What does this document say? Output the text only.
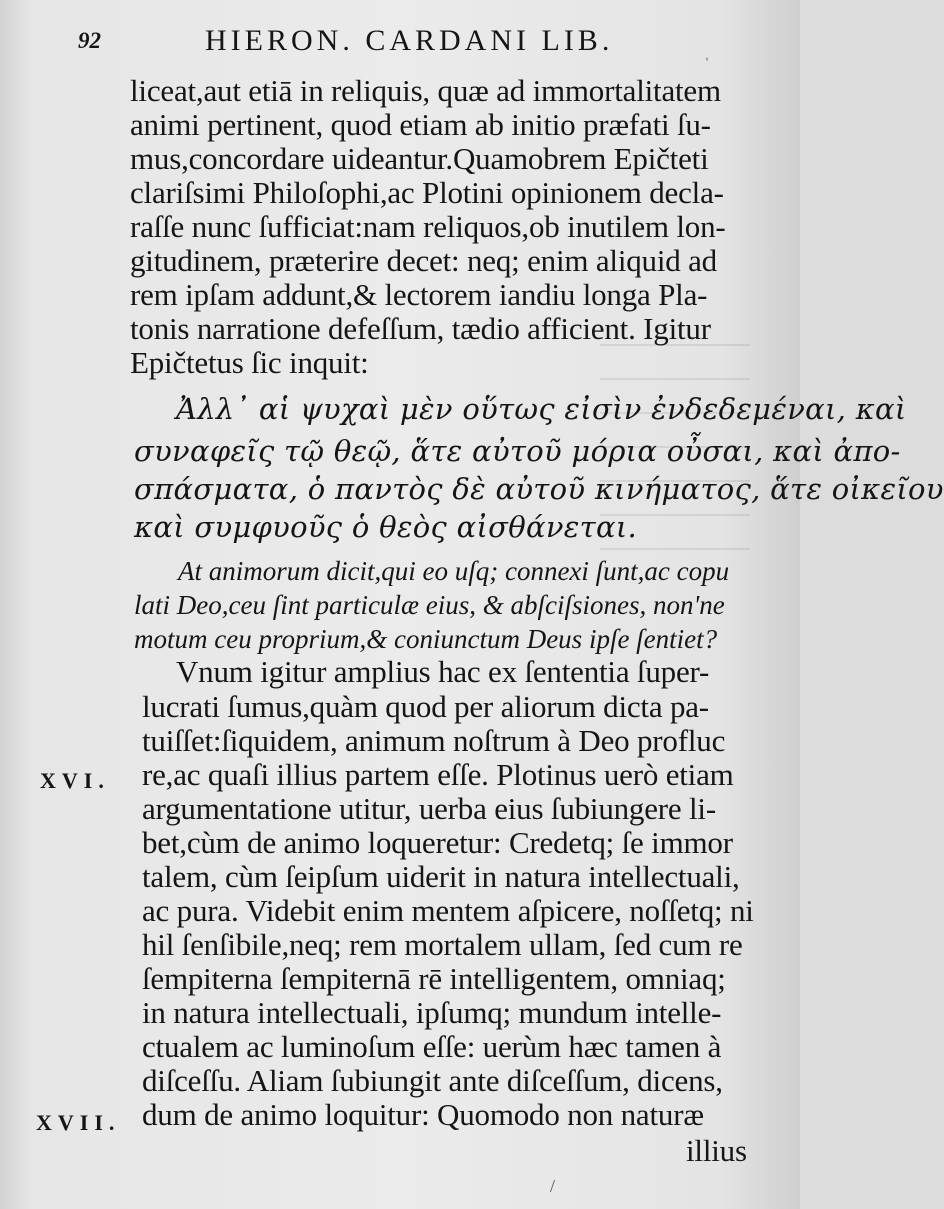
92	HIERON. CARDANI LIB.
ˈ
liceat,aut etiā in reliquis, quæ ad immortalitatem
animi pertinent, quod etiam ab initio præfati ſu-
mus,concordare uideantur.Quamobrem Epičteti
clariſsimi Philoſophi,ac Plotini opinionem decla-
raſſe nunc ſufficiat:nam reliquos,ob inutilem lon-
gitudinem, præterire decet: neq; enim aliquid ad
rem ipſam addunt,& lectorem iandiu longa Pla-
tonis narratione defeſſum, tædio afficient. Igitur
Epičtetus ſic inquit:
Ἀλλ᾽ αἱ ψυχαὶ μὲν οὕτως εἰσὶν ἐνδεδεμέναι, καὶ
συναφεῖς τῷ θεῷ, ἅτε αὐτοῦ μόρια οὖσαι, καὶ ἀπο-
σπάσματα, ὁ παντὸς δὲ αὐτοῦ κινήματος, ἅτε οἰκεῖου
καὶ συμφυοῦς ὁ θεὸς αἰσθάνεται.
At animorum dicit,qui eo uſq; connexi ſunt,ac copu
lati Deo,ceu ſint particulæ eius, & abſciſsiones, non'ne
motum ceu proprium,& coniunctum Deus ipſe ſentiet?
Vnum igitur amplius hac ex ſententia ſuper-
lucrati ſumus,quàm quod per aliorum dicta pa-
tuiſſet:ſiquidem, animum noſtrum à Deo profluc
re,ac quaſi illius partem eſſe. Plotinus uerò etiam
argumentatione utitur, uerba eius ſubiungere li-
bet,cùm de animo loqueretur: Credetq; ſe immor
talem, cùm ſeipſum uiderit in natura intellectuali,
ac pura. Videbit enim mentem aſpicere, noſſetq; ni
hil ſenſibile,neq; rem mortalem ullam, ſed cum re
ſempiterna ſempiternā rē intelligentem, omniaq;
in natura intellectuali, ipſumq; mundum intelle-
ctualem ac luminoſum eſſe: uerùm hæc tamen à
diſceſſu. Aliam ſubiungit ante diſceſſum, dicens,
dum de animo loquitur: Quomodo non naturæ
illius
XVI.
XVII.
/
